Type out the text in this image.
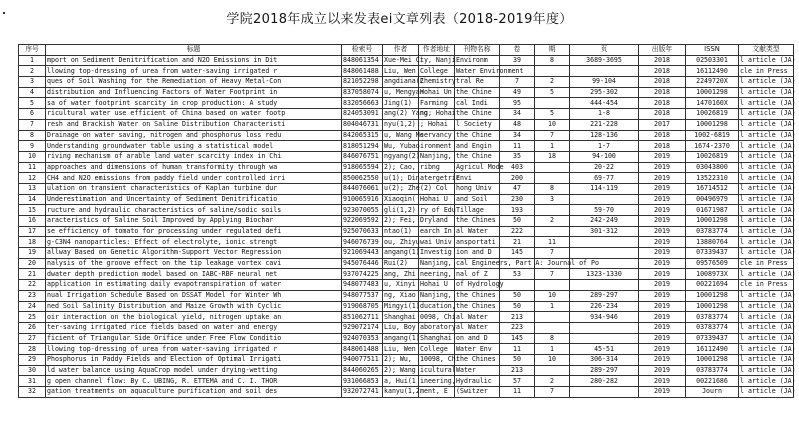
学院2018年成立以来发表ei文章列表（2018-2019年度）
序号	标题	检索号	作者	作者地址	刊物名称	卷	期	页	出版年	ISSN	文献类型
1	mport on Sediment Denitrification and N2O Emissions in Dit	848061354	Xue-Mei Ci	ty, Nanji	Environm	39	8	3689-3695	2018	02503301	l article (JA)
2	llowing top-dressing of urea from water-saving irrigated r	848061488	Liu, Wen	College	Water Environment				2018	16112490	cle in Press
3	ques of Soil Washing for the Remediation of Heavy Metal-Con	821052298	angdiana(2	Chemistry	tral Re	7	2	99-104	2018	2249720X	l article (JA)
4	distribution and Influencing Factors of Water Footprint in	837058074	u, Mengyan	Hohai Un	the Chine	49	5	295-302	2018	10001298	l article (JA)
5	sa of water footprint scarcity in crop production: A study	832056663	Jing(1)	Farming	cal Indi	95		444-454	2018	1470160X	l article (JA)
6	ricultural water use efficient of China based on water footp	824053091	ang(2) Yang	ng; Hohai	the Chine	34	5	1-8	2018	10026819	l article (JA)
7	resh and Brackish Water on Saline Distribution Characteristi	804046731	nyu(1,2)	; Hohai	l Society	48	10	221-228	2017	10001298	l article (JA)
8	Drainage on water saving, nitrogen and phosphorus loss redu	842065315	u, Wang Me	servancy	the Chine	34	7	128-136	2018	1002-6819	l article (JA)
9	Understanding groundwater table using a statistical model	818051294	Wu, Yubao	ironment	and Engin	11	1	1-7	2018	1674-2370	l article (JA)
10	riving mechanism of arable land water scarcity index in Chi	846076751	ngyang(2)	Nanjing,	the Chine	35	18	94-100	2019	10026819	l article (JA)
11	approaches and dimensions of human transformity through wa	918065594	2); Cao,	ribng	Agricul Mode	403		20-22	2019	03043800	l article (JA)
12	CH4 and N2O emissions from paddy field under controlled irri	850062550	u(1); Din	atergetric	Envi	200		69-77	2019	13522310	l article (JA)
13	ulation on transient characteristics of Kaplan turbine dur	844076061	u(2); Zhe	(2) Col	hong Univ	47	8	114-119	2019	16714512	l article (JA)
14	Underestimation and Uncertainty of Sediment Denitrificatio	910065916	Xiaoqin(	Hohai U	and Soil	230	3		2019	00496979	l article (JA)
15	ructure and hydraulic characteristics of saline/sodic soils	923070055	gli(1,2)	ry of Edu	Tillage	193		59-70	2019	01671987	l article (JA)
16	aracteristics of Saline Soil Improved by Applying Biochar	922069592	2); Fei,	Dryland	the Chines	50	2	242-249	2019	10001298	l article (JA)
17	se efficiency of tomato for processing under regulated defi	925070633	ntao(1)	earch In	al Water	222		301-312	2019	03783774	l article (JA)
18	g-C3N4 nanoparticles: Effect of electrolyte, ionic strengt	946076739	ou, Zhiyu	wai Univ	ansportati	21	11		2019	13880764	l article (JA)
19	allway Based on Genetic Algorithm-Support Vector Regression	921069443	angang(1)	Investig	ion and D	145	7		2019	07339437	l article (JA)
20	nalysis of the groove effect on the tip leakage vortex cavi	945076446	Rui(2)	Nanjing,	cal Engineers, Part A: Journal of Po				2019	09576509	cle in Press
21	dwater depth prediction model based on IABC-RBF neural net	937074225	ang, Zhi	neering,	nal of Z	53	7	1323-1330	2019	1008973X	l article (JA)
22	application in estimating daily evapotranspiration of water	948077483	u, Xinyi	Hohai U	of Hydrology				2019	00221694	cle in Press
23	nual Irrigation Schedule Based on DSSAT Model for Winter Wh	948077537	ng, Xiao	Nanjing,	the Chines	50	10	289-297	2019	10001298	l article (JA)
24	ned Soil Salinity Distribution and Maize Growth with Cyclic	919068705	Mingyi(1)	ducation,	the Chines	50	1	226-234	2019	10001298	l article (JA)
25	oir interaction on the biological yield, nitrogen uptake an	851062711	Shanghai	0098, Chi	al Water	213		934-946	2019	03783774	l article (JA)
26	ter-saving irrigated rice fields based on water and energy	929072174	Liu, Boy	aboratory	al Water	223			2019	03783774	l article (JA)
27	ficient of Triangular Side Orifice under Free Flow Conditio	924070353	angang(1)	Shanghai	on and D	145	8		2019	07339437	l article (JA)
28	llowing top-dressing of urea from water-saving irrigated r	848061488	Liu, Wen	College	Water Env	11	1	45-51	2019	16112490	l article (JA)
29	Phosphorus in Paddy Fields and Election of Optimal Irrigati	940077511	2); Wu,	10098, Chi	the Chines	50	10	306-314	2019	10001298	l article (JA)
30	ld water balance using AquaCrop model under drying-wetting	844060265	2); Wang	icultural	Water	213		289-297	2019	03783774	l article (JA)
31	g open channel flow: By C. UBING, R. ETTEMA and C. I. THOR	931066853	a, Hui(1	ineering,	Hydraulic	57	2	280-282	2019	00221686	l article (JA)
32	gation treatments on aquaculture purification and soil des	932072741	kanyu(1,2	ment, E	(Switzer	11	7		2019	Journ	l article (JA)
